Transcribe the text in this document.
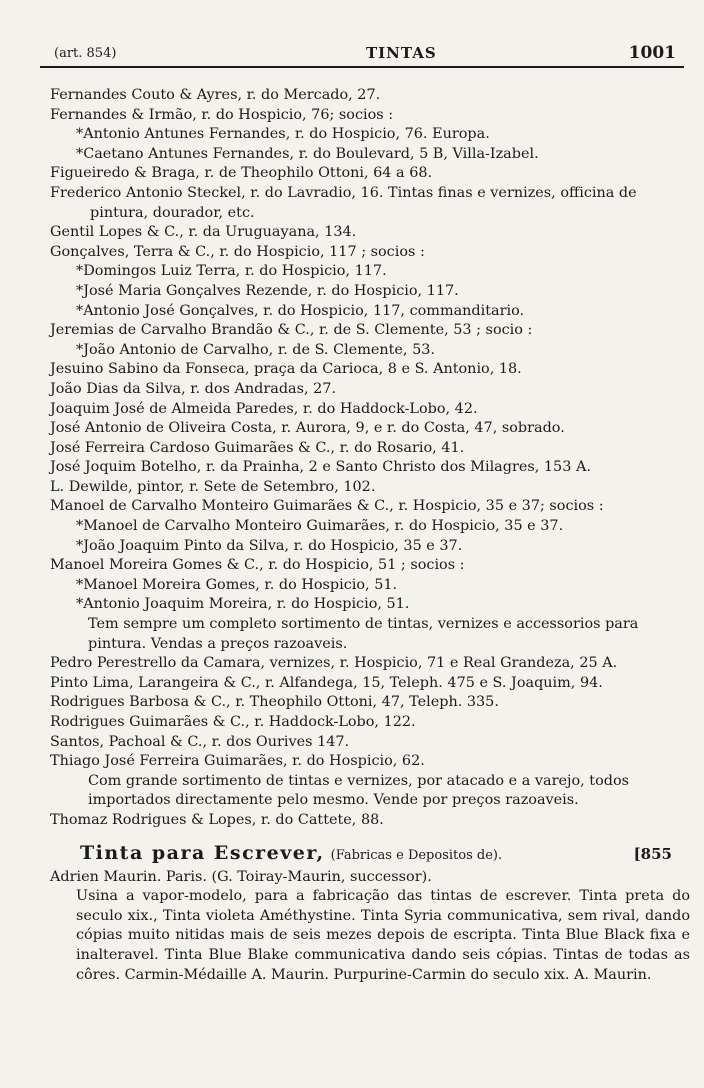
(art. 854)	TINTAS	1001
Fernandes Couto & Ayres, r. do Mercado, 27.
Fernandes & Irmão, r. do Hospicio, 76; socios :
*Antonio Antunes Fernandes, r. do Hospicio, 76. Europa.
*Caetano Antunes Fernandes, r. do Boulevard, 5 B, Villa-Izabel.
Figueiredo & Braga, r. de Theophilo Ottoni, 64 a 68.
Frederico Antonio Steckel, r. do Lavradio, 16. Tintas finas e vernizes, officina de pintura, dourador, etc.
Gentil Lopes & C., r. da Uruguayana, 134.
Gonçalves, Terra & C., r. do Hospicio, 117 ; socios :
*Domingos Luiz Terra, r. do Hospicio, 117.
*José Maria Gonçalves Rezende, r. do Hospicio, 117.
*Antonio José Gonçalves, r. do Hospicio, 117, commanditario.
Jeremias de Carvalho Brandão & C., r. de S. Clemente, 53 ; socio :
*João Antonio de Carvalho, r. de S. Clemente, 53.
Jesuino Sabino da Fonseca, praça da Carioca, 8 e S. Antonio, 18.
João Dias da Silva, r. dos Andradas, 27.
Joaquim José de Almeida Paredes, r. do Haddock-Lobo, 42.
José Antonio de Oliveira Costa, r. Aurora, 9, e r. do Costa, 47, sobrado.
José Ferreira Cardoso Guimarães & C., r. do Rosario, 41.
José Joquim Botelho, r. da Prainha, 2 e Santo Christo dos Milagres, 153 A.
L. Dewilde, pintor, r. Sete de Setembro, 102.
Manoel de Carvalho Monteiro Guimarães & C., r. Hospicio, 35 e 37; socios :
*Manoel de Carvalho Monteiro Guimarães, r. do Hospicio, 35 e 37.
*João Joaquim Pinto da Silva, r. do Hospicio, 35 e 37.
Manoel Moreira Gomes & C., r. do Hospicio, 51 ; socios :
*Manoel Moreira Gomes, r. do Hospicio, 51.
*Antonio Joaquim Moreira, r. do Hospicio, 51.
Tem sempre um completo sortimento de tintas, vernizes e accessorios para pintura. Vendas a preços razoaveis.
Pedro Perestrello da Camara, vernizes, r. Hospicio, 71 e Real Grandeza, 25 A.
Pinto Lima, Larangeira & C., r. Alfandega, 15, Teleph. 475 e S. Joaquim, 94.
Rodrigues Barbosa & C., r. Theophilo Ottoni, 47, Teleph. 335.
Rodrigues Guimarães & C., r. Haddock-Lobo, 122.
Santos, Pachoal & C., r. dos Ourives 147.
Thiago José Ferreira Guimarães, r. do Hospicio, 62.
Com grande sortimento de tintas e vernizes, por atacado e a varejo, todos importados directamente pelo mesmo. Vende por preços razoaveis.
Thomaz Rodrigues & Lopes, r. do Cattete, 88.
Tinta para Escrever, (Fabricas e Depositos de).	[855
Adrien Maurin. Paris. (G. Toiray-Maurin, successor).
Usina a vapor-modelo, para a fabricação das tintas de escrever. Tinta preta do seculo xix., Tinta violeta Améthystine. Tinta Syria communicativa, sem rival, dando cópias muito nitidas mais de seis mezes depois de escripta. Tinta Blue Black fixa e inalteravel. Tinta Blue Blake communicativa dando seis cópias. Tintas de todas as côres. Carmin-Médaille A. Maurin. Purpurine-Carmin do seculo xix. A. Maurin.
